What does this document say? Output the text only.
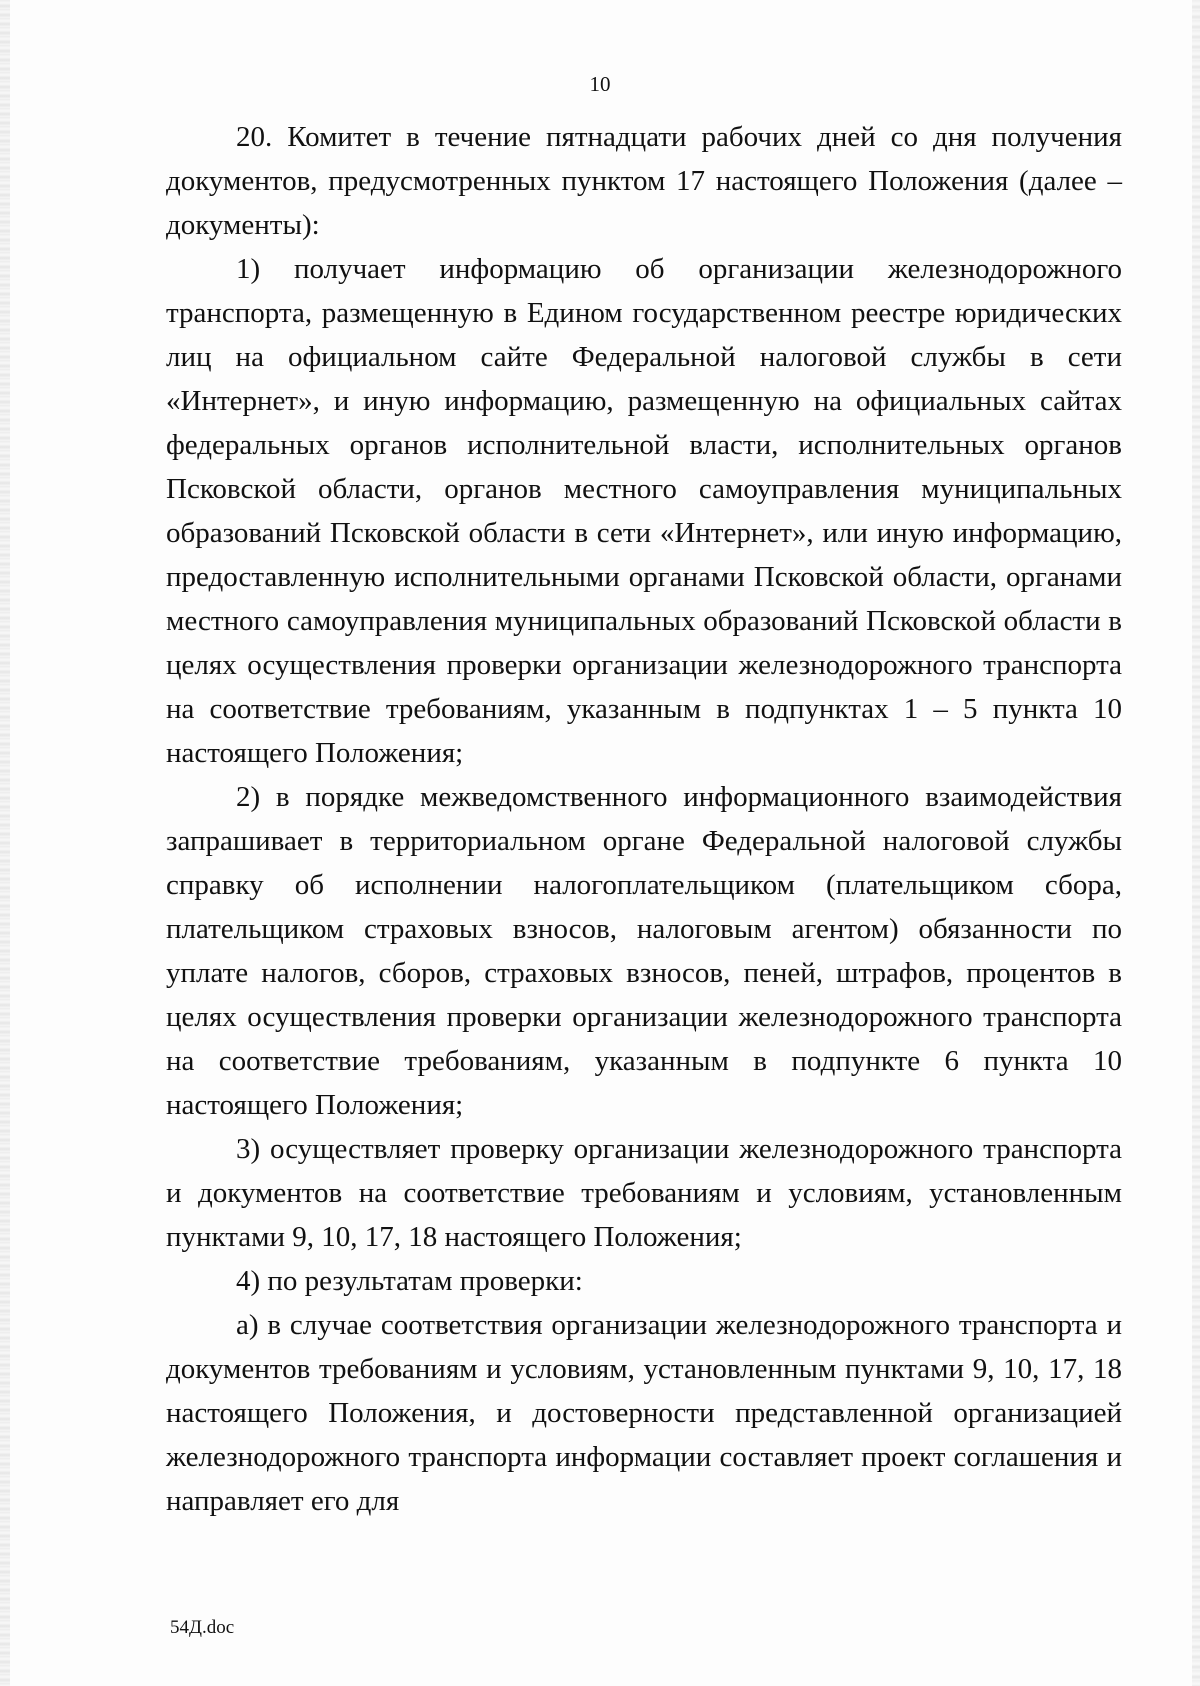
10

20. Комитет в течение пятнадцати рабочих дней со дня получения документов, предусмотренных пунктом 17 настоящего Положения (далее – документы):

1) получает информацию об организации железнодорожного транспорта, размещенную в Едином государственном реестре юридических лиц на официальном сайте Федеральной налоговой службы в сети «Интернет», и иную информацию, размещенную на официальных сайтах федеральных органов исполнительной власти, исполнительных органов Псковской области, органов местного самоуправления муниципальных образований Псковской области в сети «Интернет», или иную информацию, предоставленную исполнительными органами Псковской области, органами местного самоуправления муниципальных образований Псковской области в целях осуществления проверки организации железнодорожного транспорта на соответствие требованиям, указанным в подпунктах 1 – 5 пункта 10 настоящего Положения;

2) в порядке межведомственного информационного взаимодействия запрашивает в территориальном органе Федеральной налоговой службы справку об исполнении налогоплательщиком (плательщиком сбора, плательщиком страховых взносов, налоговым агентом) обязанности по уплате налогов, сборов, страховых взносов, пеней, штрафов, процентов в целях осуществления проверки организации железнодорожного транспорта на соответствие требованиям, указанным в подпункте 6 пункта 10 настоящего Положения;

3) осуществляет проверку организации железнодорожного транспорта и документов на соответствие требованиям и условиям, установленным пунктами 9, 10, 17, 18 настоящего Положения;

4) по результатам проверки:

а) в случае соответствия организации железнодорожного транспорта и документов требованиям и условиям, установленным пунктами 9, 10, 17, 18 настоящего Положения, и достоверности представленной организацией железнодорожного транспорта информации составляет проект соглашения и направляет его для

54Д.doc
